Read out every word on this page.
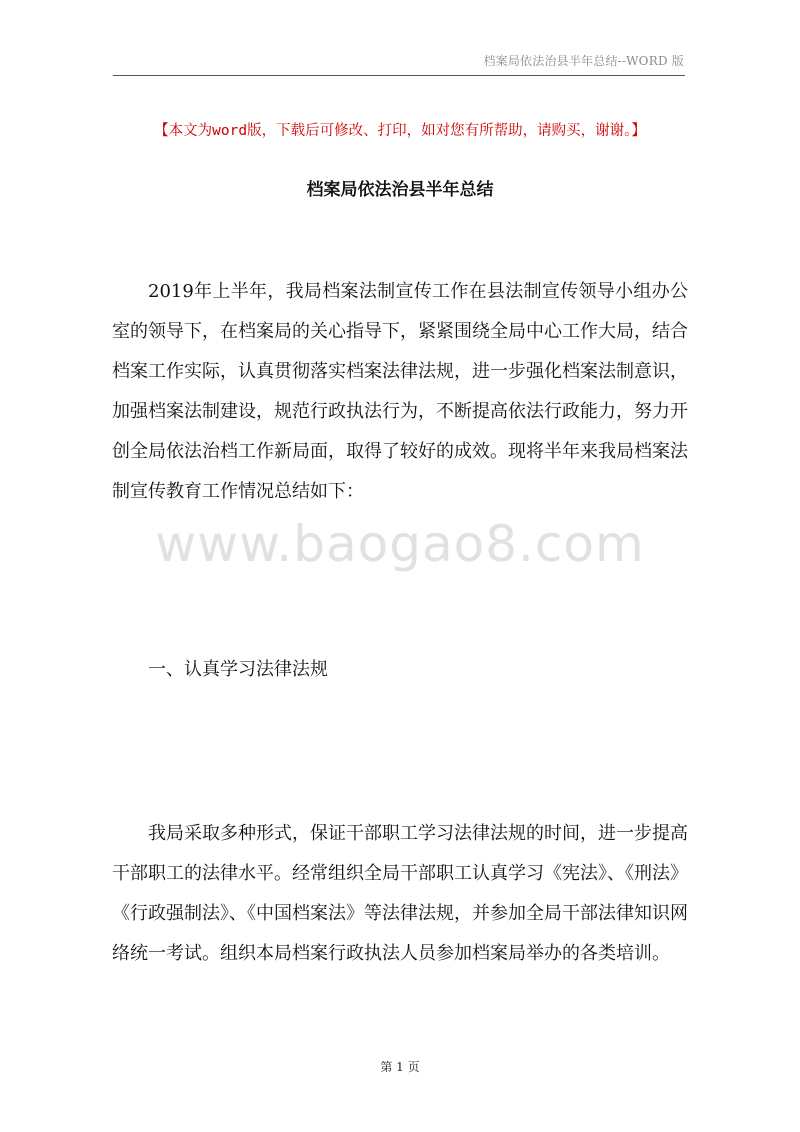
档案局依法治县半年总结--WORD 版
【本文为word版，下载后可修改、打印，如对您有所帮助，请购买，谢谢。】
档案局依法治县半年总结

2019年上半年，我局档案法制宣传工作在县法制宣传领导小组办公室的领导下，在档案局的关心指导下，紧紧围绕全局中心工作大局，结合档案工作实际，认真贯彻落实档案法律法规，进一步强化档案法制意识，加强档案法制建设，规范行政执法行为，不断提高依法行政能力，努力开创全局依法治档工作新局面，取得了较好的成效。现将半年来我局档案法制宣传教育工作情况总结如下：

www.baogao8.com
一、认真学习法律法规

我局采取多种形式，保证干部职工学习法律法规的时间，进一步提高干部职工的法律水平。经常组织全局干部职工认真学习《宪法》、《刑法》《行政强制法》、《中国档案法》等法律法规，并参加全局干部法律知识网络统一考试。组织本局档案行政执法人员参加档案局举办的各类培训。

第 1 页
